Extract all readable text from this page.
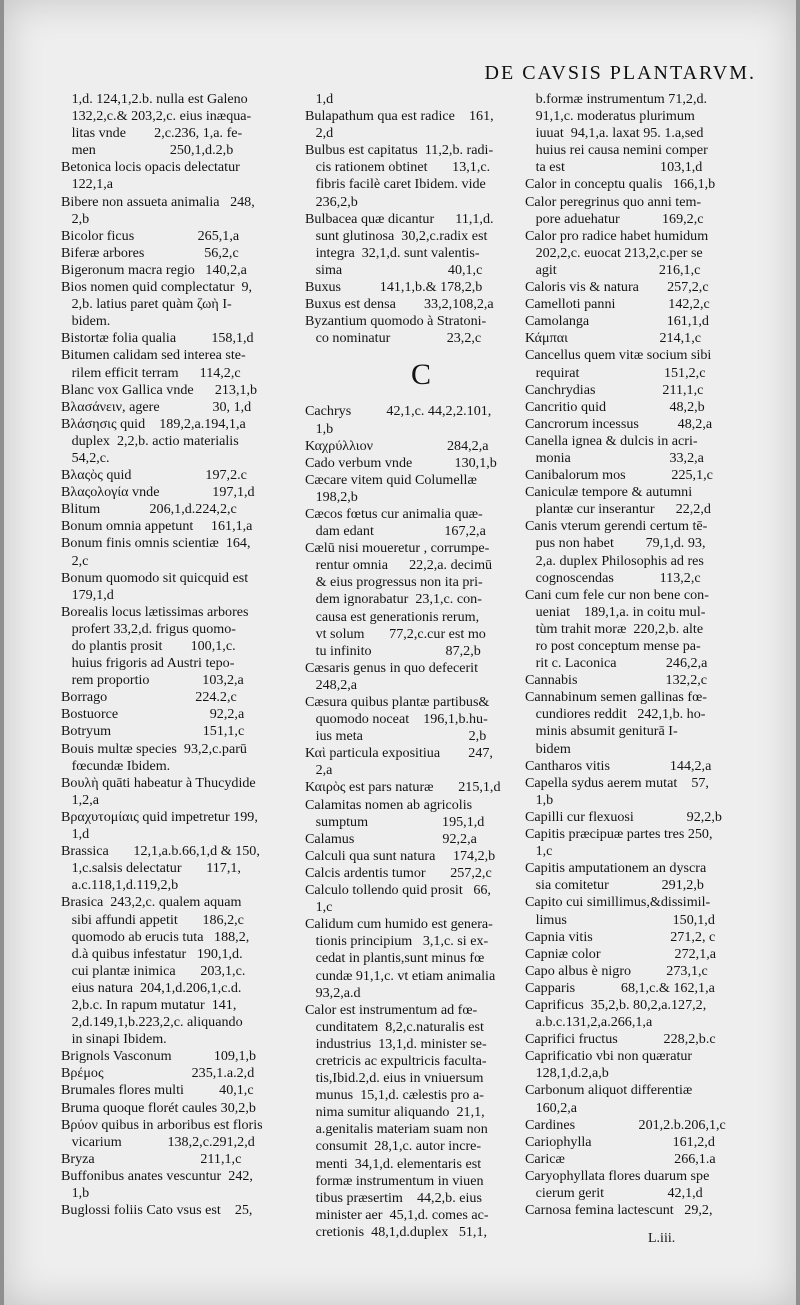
DE CAVSIS PLANTARVM.
1,d. 124,1,2.b. nulla est Galeno
132,2,c.& 203,2,c. eius inæqua-
litas vnde        2,c.236, 1,a. fe-
men                     250,1,d.2,b
Betonica locis opacis delectatur
122,1,a
Bibere non assueta animalia   248,
2,b
Bicolor ficus                  265,1,a
Biferæ arbores                 56,2,c
Bigeronum macra regio   140,2,a
Bios nomen quid complectatur  9,
2,b. latius paret quàm ζωὴ I-
bidem.
Bistortæ folia qualia          158,1,d
Bitumen calidam sed interea ste-
rilem efficit terram      114,2,c
Blanc vox Gallica vnde      213,1,b
Βλασάνειν, agere               30, 1,d
Βλάσησις quid    189,2,a.194,1,a
duplex  2,2,b. actio materialis
54,2,c.
Βλαςὸς quid                     197,2.c
Βλαςολογία vnde               197,1,d
Blitum              206,1,d.224,2,c
Bonum omnia appetunt     161,1,a
Bonum finis omnis scientiæ  164,
2,c
Bonum quomodo sit quicquid est
179,1,d
Borealis locus lætissimas arbores
profert 33,2,d. frigus quomo-
do plantis prosit        100,1,c.
huius frigoris ad Austri tepo-
rem proportio               103,2,a
Borrago                         224.2,c
Bostuorce                          92,2,a
Botryum                          151,1,c
Bouis multæ species  93,2,c.parū
fœcundæ Ibidem.
Βουλὴ quāti habeatur à Thucydide
1,2,a
Βραχυτομίαις quid impetretur 199,
1,d
Brassica       12,1,a.b.66,1,d & 150,
1,c.salsis delectatur       117,1,
a.c.118,1,d.119,2,b
Brasica  243,2,c. qualem aquam
sibi affundi appetit       186,2,c
quomodo ab erucis tuta   188,2,
d.à quibus infestatur   190,1,d.
cui plantæ inimica       203,1,c.
eius natura  204,1,d.206,1,c.d.
2,b.c. In rapum mutatur  141,
2,d.149,1,b.223,2,c. aliquando
in sinapi Ibidem.
Brignols Vasconum            109,1,b
Βρέμος                         235,1.a.2,d
Brumales flores multi          40,1,c
Bruma quoque florét caules 30,2,b
Βρύον quibus in arboribus est floris
vicarium             138,2,c.291,2,d
Bryza                              211,1,c
Buffonibus anates vescuntur  242,
1,b
Buglossi foliis Cato vsus est    25,
1,d
Bulapathum qua est radice    161,
2,d
Bulbus est capitatus  11,2,b. radi-
cis rationem obtinet       13,1,c.
fibris facilè caret Ibidem. vide
236,2,b
Bulbacea quæ dicantur      11,1,d.
sunt glutinosa  30,2,c.radix est
integra  32,1,d. sunt valentis-
sima                              40,1,c
Buxus           141,1,b.& 178,2,b
Buxus est densa        33,2,108,2,a
Byzantium quomodo à Stratoni-
co nominatur                23,2,c
C
Cachrys          42,1,c. 44,2,2.101,
1,b
Καχρύλλιον                     284,2,a
Cado verbum vnde            130,1,b
Cæcare vitem quid Columellæ
198,2,b
Cæcos fœtus cur animalia quæ-
dam edant                    167,2,a
Cælū nisi moueretur , corrumpe-
rentur omnia      22,2,a. decimū
& eius progressus non ita pri-
dem ignorabatur  23,1,c. con-
causa est generationis rerum,
vt solum       77,2,c.cur est mo
tu infinito                     87,2,b
Cæsaris genus in quo defecerit
248,2,a
Cæsura quibus plantæ partibus&
quomodo noceat    196,1,b.hu-
ius meta                              2,b
Καὶ particula expositiua        247,
2,a
Καιρὸς est pars naturæ       215,1,d
Calamitas nomen ab agricolis
sumptum                     195,1,d
Calamus                         92,2,a
Calculi qua sunt natura     174,2,b
Calcis ardentis tumor       257,2,c
Calculo tollendo quid prosit   66,
1,c
Calidum cum humido est genera-
tionis principium   3,1,c. si ex-
cedat in plantis,sunt minus fœ
cundæ 91,1,c. vt etiam animalia
93,2,a.d
Calor est instrumentum ad fœ-
cunditatem  8,2,c.naturalis est
industrius  13,1,d. minister se-
cretricis ac expultricis faculta-
tis,Ibid.2,d. eius in vniuersum
munus  15,1,d. cælestis pro a-
nima sumitur aliquando  21,1,
a.genitalis materiam suam non
consumit  28,1,c. autor incre-
menti  34,1,d. elementaris est
formæ instrumentum in viuen
tibus præsertim    44,2,b. eius
minister aer  45,1,d. comes ac-
cretionis  48,1,d.duplex   51,1,
b.formæ instrumentum 71,2,d.
91,1,c. moderatus plurimum
iuuat  94,1,a. laxat 95. 1.a,sed
huius rei causa nemini comper
ta est                           103,1,d
Calor in conceptu qualis   166,1,b
Calor peregrinus quo anni tem-
pore aduehatur            169,2,c
Calor pro radice habet humidum
202,2,c. euocat 213,2,c.per se
agit                             216,1,c
Caloris vis & natura        257,2,c
Camelloti panni               142,2,c
Camolanga                      161,1,d
Κάμπαι                          214,1,c
Cancellus quem vitæ socium sibi
requirat                        151,2,c
Canchrydias                   211,1,c
Cancritio quid                  48,2,b
Cancrorum incessus           48,2,a
Canella ignea & dulcis in acri-
monia                            33,2,a
Canibalorum mos             225,1,c
Caniculæ tempore & autumni
plantæ cur inserantur      22,2,d
Canis vterum gerendi certum tē-
pus non habet         79,1,d. 93,
2,a. duplex Philosophis ad res
cognoscendas             113,2,c
Cani cum fele cur non bene con-
ueniat    189,1,a. in coitu mul-
tùm trahit moræ  220,2,b. alte
ro post conceptum mense pa-
rit c. Laconica              246,2,a
Cannabis                         132,2,c
Cannabinum semen gallinas fœ-
cundiores reddit   242,1,b. ho-
minis absumit geniturā I-
bidem
Cantharos vitis                 144,2,a
Capella sydus aerem mutat    57,
1,b
Capilli cur flexuosi               92,2,b
Capitis præcipuæ partes tres 250,
1,c
Capitis amputationem an dyscra
sia comitetur               291,2,b
Capito cui simillimus,&dissimil-
limus                              150,1,d
Capnia vitis                      271,2, c
Capniæ color                     272,1,a
Capo albus è nigro          273,1,c
Capparis             68,1,c.& 162,1,a
Caprificus  35,2,b. 80,2,a.127,2,
a.b.c.131,2,a.266,1,a
Caprifici fructus             228,2,b.c
Caprificatio vbi non quæratur
128,1,d.2,a,b
Carbonum aliquot differentiæ
160,2,a
Cardines                  201,2.b.206,1,c
Cariophylla                       161,2,d
Caricæ                               266,1.a
Caryophyllata flores duarum spe
cierum gerit                  42,1,d
Carnosa femina lactescunt   29,2,
L.iii.
